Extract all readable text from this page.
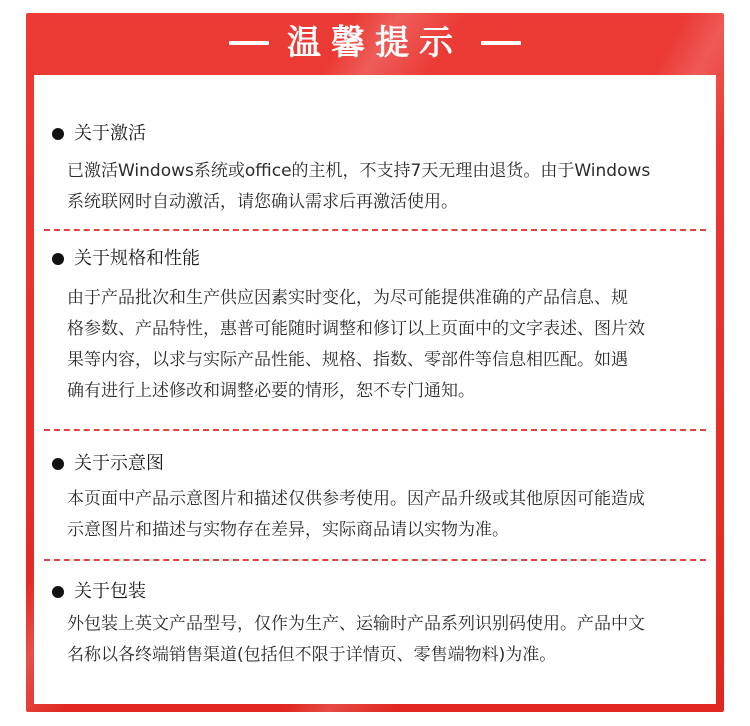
温馨提示
关于激活
已激活Windows系统或office的主机，不支持7天无理由退货。由于Windows
系统联网时自动激活，请您确认需求后再激活使用。
关于规格和性能
由于产品批次和生产供应因素实时变化，为尽可能提供准确的产品信息、规
格参数、产品特性，惠普可能随时调整和修订以上页面中的文字表述、图片效
果等内容，以求与实际产品性能、规格、指数、零部件等信息相匹配。如遇
确有进行上述修改和调整必要的情形，恕不专门通知。
关于示意图
本页面中产品示意图片和描述仅供参考使用。因产品升级或其他原因可能造成
示意图片和描述与实物存在差异，实际商品请以实物为准。
关于包装
外包装上英文产品型号，仅作为生产、运输时产品系列识别码使用。产品中文
名称以各终端销售渠道(包括但不限于详情页、零售端物料)为准。
